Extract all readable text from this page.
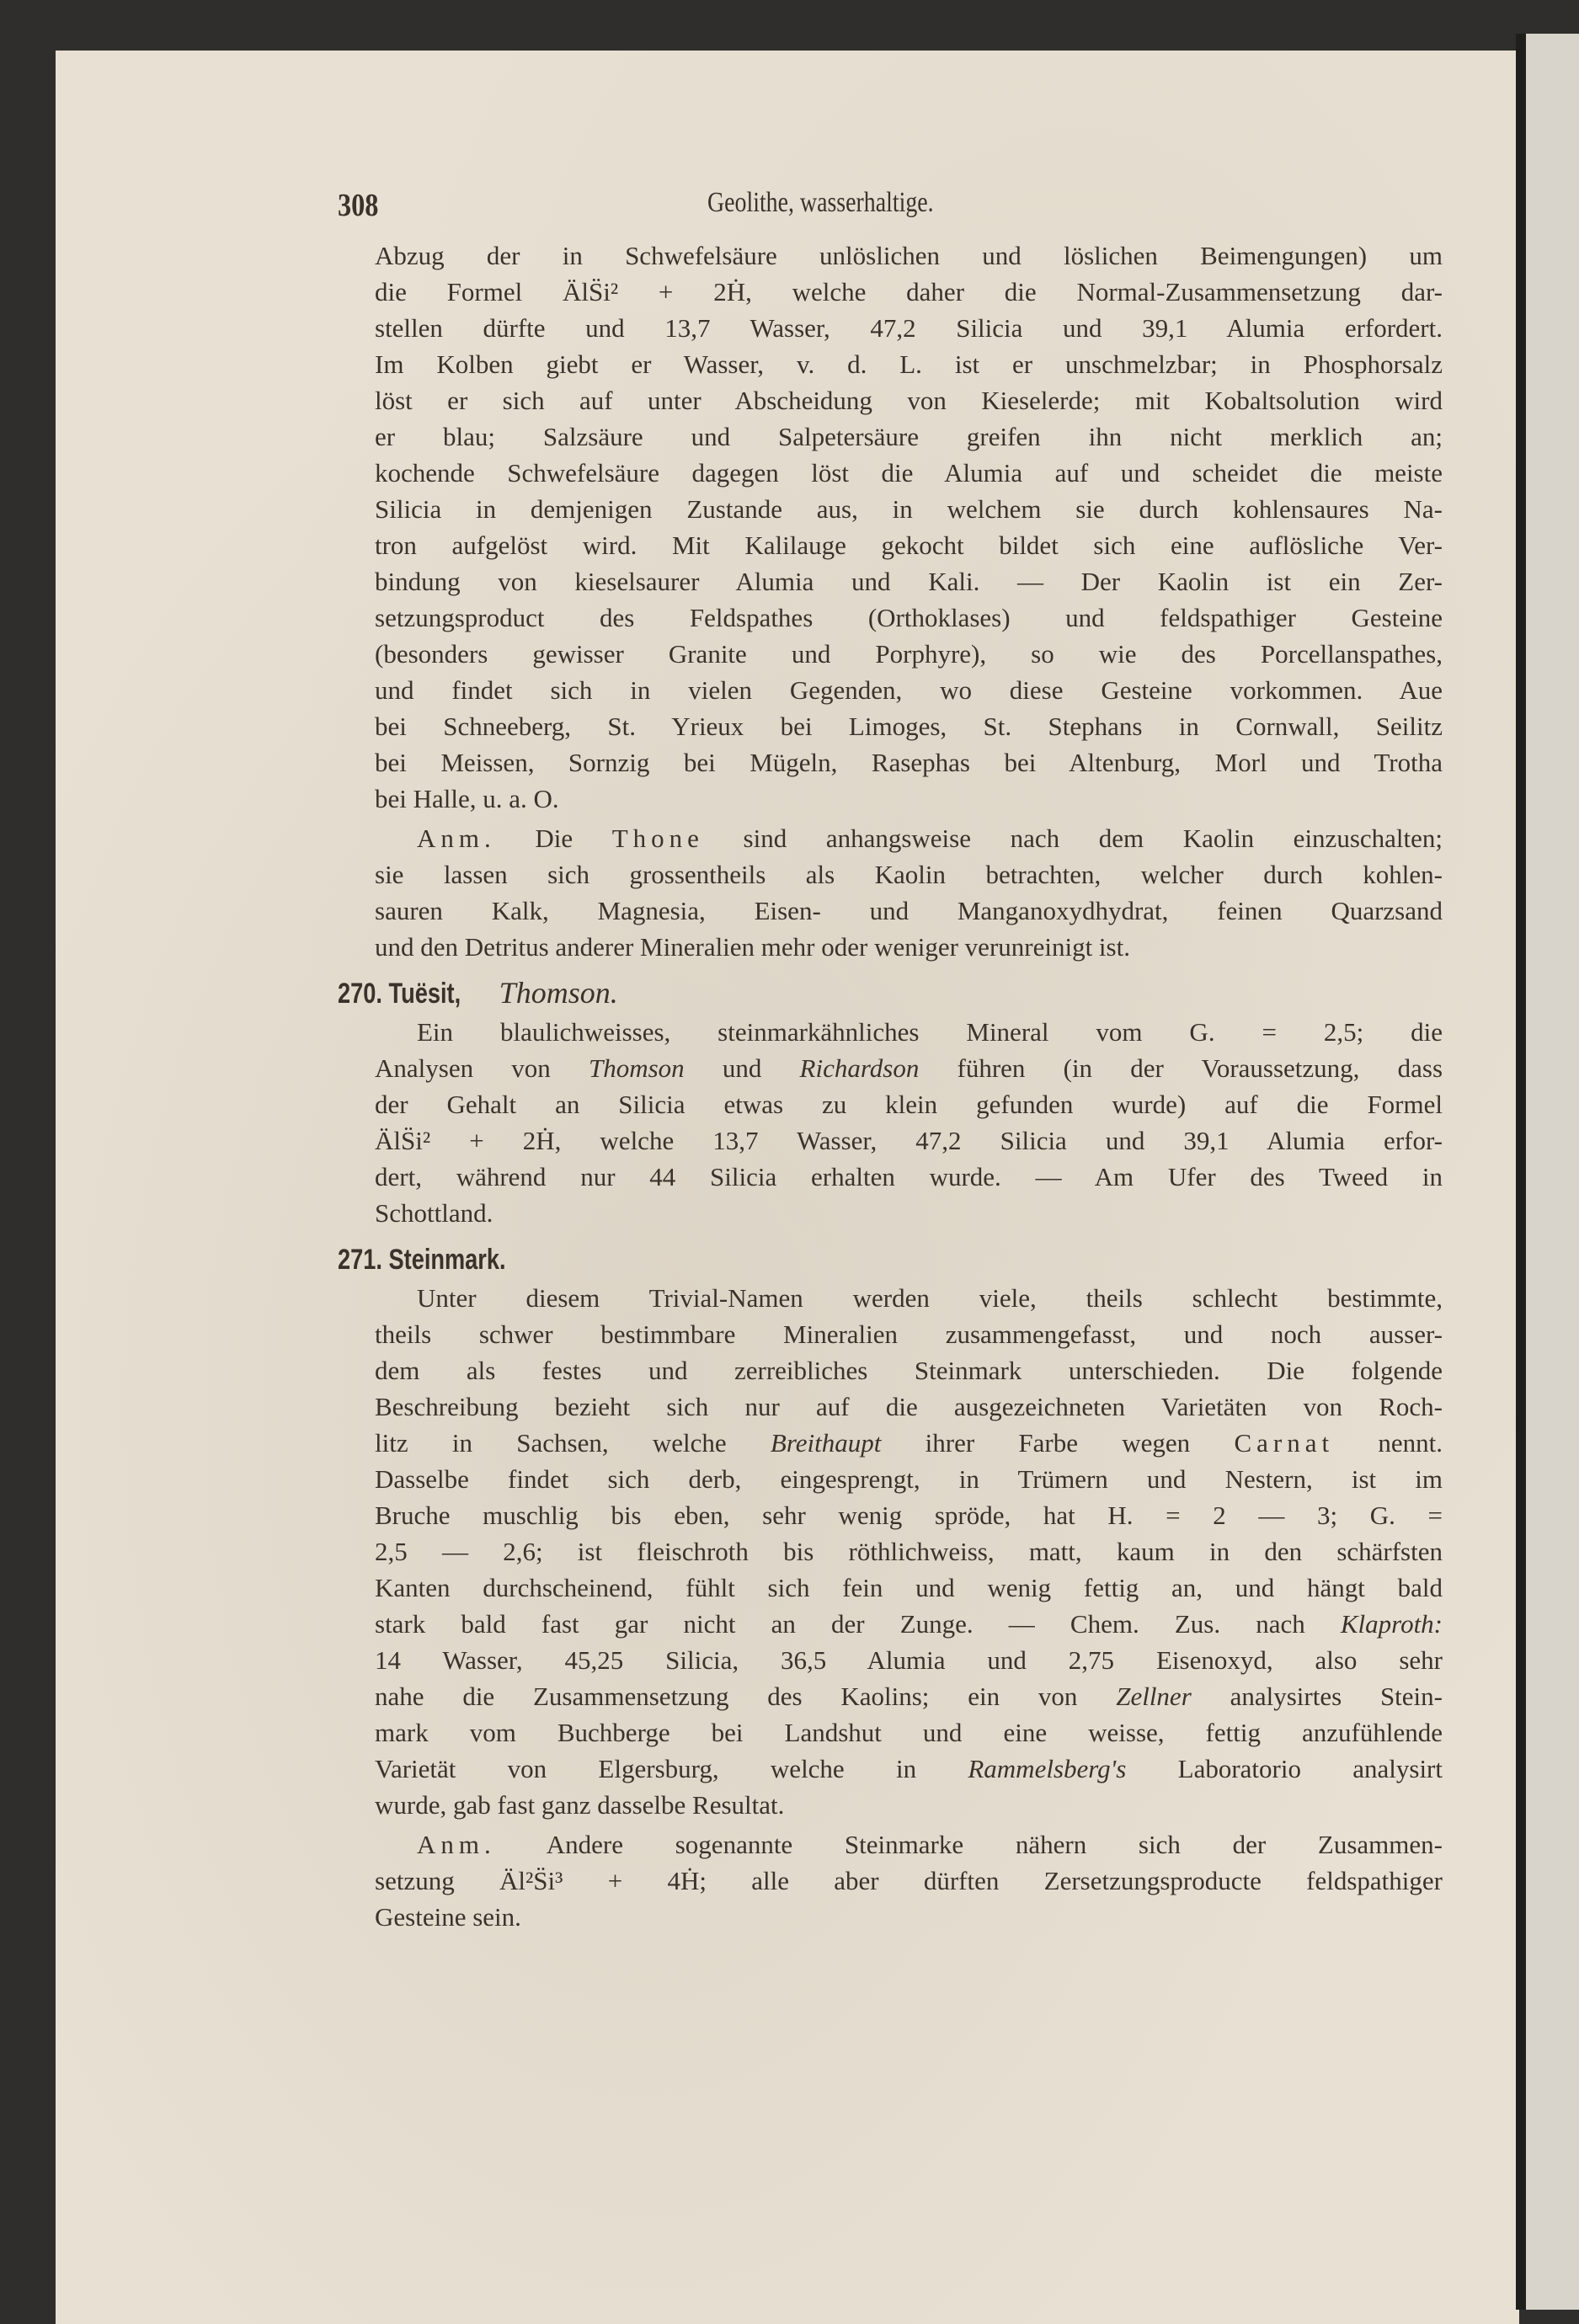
308	Geolithe, wasserhaltige.
Abzug der in Schwefelsäure unlöslichen und löslichen Beimengungen) um
die Formel ÄlS̈i² + 2Ḣ, welche daher die Normal-Zusammensetzung dar-
stellen dürfte und 13,7 Wasser, 47,2 Silicia und 39,1 Alumia erfordert.
Im Kolben giebt er Wasser, v. d. L. ist er unschmelzbar; in Phosphorsalz
löst er sich auf unter Abscheidung von Kieselerde; mit Kobaltsolution wird
er blau; Salzsäure und Salpetersäure greifen ihn nicht merklich an;
kochende Schwefelsäure dagegen löst die Alumia auf und scheidet die meiste
Silicia in demjenigen Zustande aus, in welchem sie durch kohlensaures Na-
tron aufgelöst wird. Mit Kalilauge gekocht bildet sich eine auflösliche Ver-
bindung von kieselsaurer Alumia und Kali. — Der Kaolin ist ein Zer-
setzungsproduct des Feldspathes (Orthoklases) und feldspathiger Gesteine
(besonders gewisser Granite und Porphyre), so wie des Porcellanspathes,
und findet sich in vielen Gegenden, wo diese Gesteine vorkommen. Aue
bei Schneeberg, St. Yrieux bei Limoges, St. Stephans in Cornwall, Seilitz
bei Meissen, Sornzig bei Mügeln, Rasephas bei Altenburg, Morl und Trotha
bei Halle, u. a. O.
Anm. Die Thone sind anhangsweise nach dem Kaolin einzuschalten;
sie lassen sich grossentheils als Kaolin betrachten, welcher durch kohlen-
sauren Kalk, Magnesia, Eisen- und Manganoxydhydrat, feinen Quarzsand
und den Detritus anderer Mineralien mehr oder weniger verunreinigt ist.
270. Tuësit, Thomson.
Ein blaulichweisses, steinmarkähnliches Mineral vom G. = 2,5; die
Analysen von Thomson und Richardson führen (in der Voraussetzung, dass
der Gehalt an Silicia etwas zu klein gefunden wurde) auf die Formel
ÄlS̈i² + 2Ḣ, welche 13,7 Wasser, 47,2 Silicia und 39,1 Alumia erfor-
dert, während nur 44 Silicia erhalten wurde. — Am Ufer des Tweed in
Schottland.
271. Steinmark.
Unter diesem Trivial-Namen werden viele, theils schlecht bestimmte,
theils schwer bestimmbare Mineralien zusammengefasst, und noch ausser-
dem als festes und zerreibliches Steinmark unterschieden. Die folgende
Beschreibung bezieht sich nur auf die ausgezeichneten Varietäten von Roch-
litz in Sachsen, welche Breithaupt ihrer Farbe wegen Carnat nennt.
Dasselbe findet sich derb, eingesprengt, in Trümern und Nestern, ist im
Bruche muschlig bis eben, sehr wenig spröde, hat H. = 2 — 3; G. =
2,5 — 2,6; ist fleischroth bis röthlichweiss, matt, kaum in den schärfsten
Kanten durchscheinend, fühlt sich fein und wenig fettig an, und hängt bald
stark bald fast gar nicht an der Zunge. — Chem. Zus. nach Klaproth:
14 Wasser, 45,25 Silicia, 36,5 Alumia und 2,75 Eisenoxyd, also sehr
nahe die Zusammensetzung des Kaolins; ein von Zellner analysirtes Stein-
mark vom Buchberge bei Landshut und eine weisse, fettig anzufühlende
Varietät von Elgersburg, welche in Rammelsberg's Laboratorio analysirt
wurde, gab fast ganz dasselbe Resultat.
Anm. Andere sogenannte Steinmarke nähern sich der Zusammen-
setzung Äl²S̈i³ + 4Ḣ; alle aber dürften Zersetzungsproducte feldspathiger
Gesteine sein.
